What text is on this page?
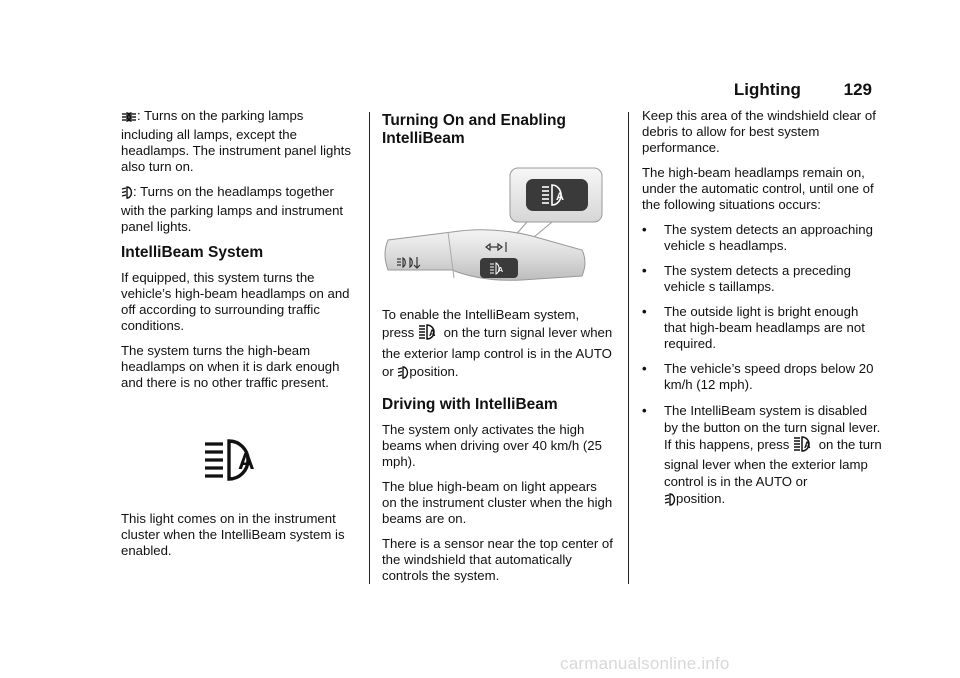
Lighting	129

: Turns on the parking lamps including all lamps, except the headlamps. The instrument panel lights also turn on.

: Turns on the headlamps together with the parking lamps and instrument panel lights.

IntelliBeam System

If equipped, this system turns the vehicle’s high-beam headlamps on and off according to surrounding traffic conditions.

The system turns the high-beam headlamps on when it is dark enough and there is no other traffic present.

A

This light comes on in the instrument cluster when the IntelliBeam system is enabled.

Turning On and Enabling IntelliBeam
A
A

To enable the IntelliBeam system, press A on the turn signal lever when the exterior lamp control is in the AUTO or position.

Driving with IntelliBeam

The system only activates the high beams when driving over 40 km/h (25 mph).

The blue high-beam on light appears on the instrument cluster when the high beams are on.

There is a sensor near the top center of the windshield that automatically controls the system.

Keep this area of the windshield clear of debris to allow for best system performance.

The high-beam headlamps remain on, under the automatic control, until one of the following situations occurs:

•	The system detects an approaching vehicle s headlamps.
•	The system detects a preceding vehicle s taillamps.
•	The outside light is bright enough that high-beam headlamps are not required.
•	The vehicle’s speed drops below 20 km/h (12 mph).
•	The IntelliBeam system is disabled by the button on the turn signal lever. If this happens, press A on the turn signal lever when the exterior lamp control is in the AUTO or
position.
carmanualsonline.info
